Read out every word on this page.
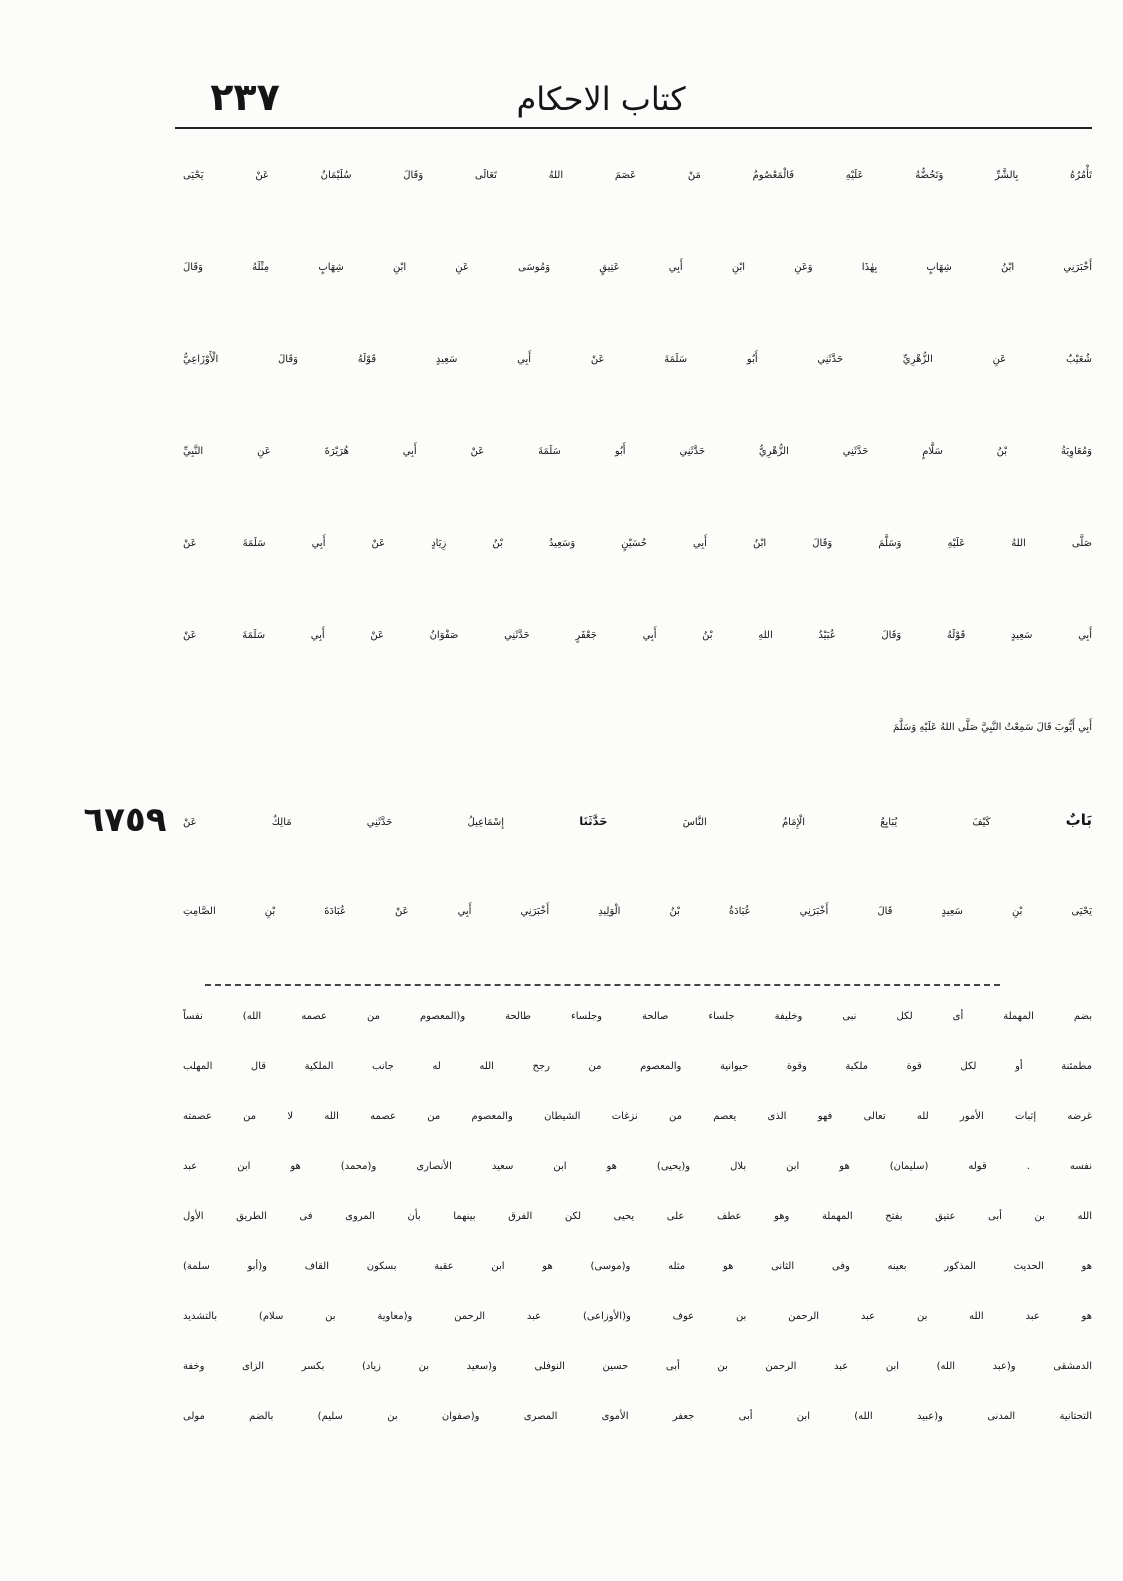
كتاب الاحكام
٢٣٧
تَأْمُرُهُ بِالشَّرِّ وَتَحُضُّهُ عَلَيْهِ فَالْمَعْصُومُ مَنْ عَصَمَ اللهُ تَعَالَى وَقَالَ سُلَيْمَانُ عَنْ يَحْيَى
أَخْبَرَنِي ابْنُ شِهَابٍ بِهٰذَا وَعَنِ ابْنِ أَبِي عَتِيقٍ وَمُوسَى عَنِ ابْنِ شِهَابٍ مِثْلَهُ وَقَالَ
شُعَيْبٌ عَنِ الزُّهْرِيِّ حَدَّثَنِي أَبُو سَلَمَةَ عَنْ أَبِي سَعِيدٍ قَوْلَهُ وَقَالَ الْأَوْزَاعِيُّ
وَمُعَاوِيَةُ بْنُ سَلَّامٍ حَدَّثَنِي الزُّهْرِيُّ حَدَّثَنِي أَبُو سَلَمَةَ عَنْ أَبِي هُرَيْرَةَ عَنِ النَّبِيِّ
صَلَّى اللهُ عَلَيْهِ وَسَلَّمَ وَقَالَ ابْنُ أَبِي حُسَيْنٍ وَسَعِيدُ بْنُ زِيَادٍ عَنْ أَبِي سَلَمَةَ عَنْ
أَبِي سَعِيدٍ قَوْلَهُ وَقَالَ عُبَيْدُ اللهِ بْنُ أَبِي جَعْفَرٍ حَدَّثَنِي صَفْوَانُ عَنْ أَبِي سَلَمَةَ عَنْ
أَبِي أَيُّوبَ قَالَ سَمِعْتُ النَّبِيَّ صَلَّى اللهُ عَلَيْهِ وَسَلَّمَ
بَابٌ كَيْفَ يُبَايِعُ الْإِمَامُ النَّاسَ حَدَّثَنَا إِسْمَاعِيلُ حَدَّثَنِي مَالِكٌ عَنْ
يَحْيَى بْنِ سَعِيدٍ قَالَ أَخْبَرَنِي عُبَادَةُ بْنُ الْوَلِيدِ أَخْبَرَنِي أَبِي عَنْ عُبَادَةَ بْنِ الصَّامِتِ
٦٧٥٩
بضم المهملة أى لكل نبى وخليفة جلساء صالحة وجلساء طالحة و(المعصوم من عصمه الله) نفساً
مطمئنة أو لكل قوة ملكية وقوة حيوانية والمعصوم من رجح الله له جانب الملكية قال المهلب
غرضه إثبات الأمور لله تعالى فهو الذى يعصم من نزغات الشيطان والمعصوم من عصمه الله لا من عصمته
نفسه . قوله (سليمان) هو ابن بلال و(يحيى) هو ابن سعيد الأنصارى و(محمد) هو ابن عبد
الله بن أبى عتيق بفتح المهملة وهو عطف على يحيى لكن الفرق بينهما بأن المروى فى الطريق الأول
هو الحديث المذكور بعينه وفى الثانى هو مثله و(موسى) هو ابن عقبة بسكون القاف و(أبو سلمة)
هو عبد الله بن عبد الرحمن بن عوف و(الأوزاعى) عبد الرحمن و(معاوية بن سلام) بالتشديد
الدمشقى و(عبد الله) ابن عبد الرحمن بن أبى حسين النوفلى و(سعيد بن زياد) بكسر الزاى وخفة
التحتانية المدنى و(عبيد الله) ابن أبى جعفر الأموى المصرى و(صفوان بن سليم) بالضم مولى
